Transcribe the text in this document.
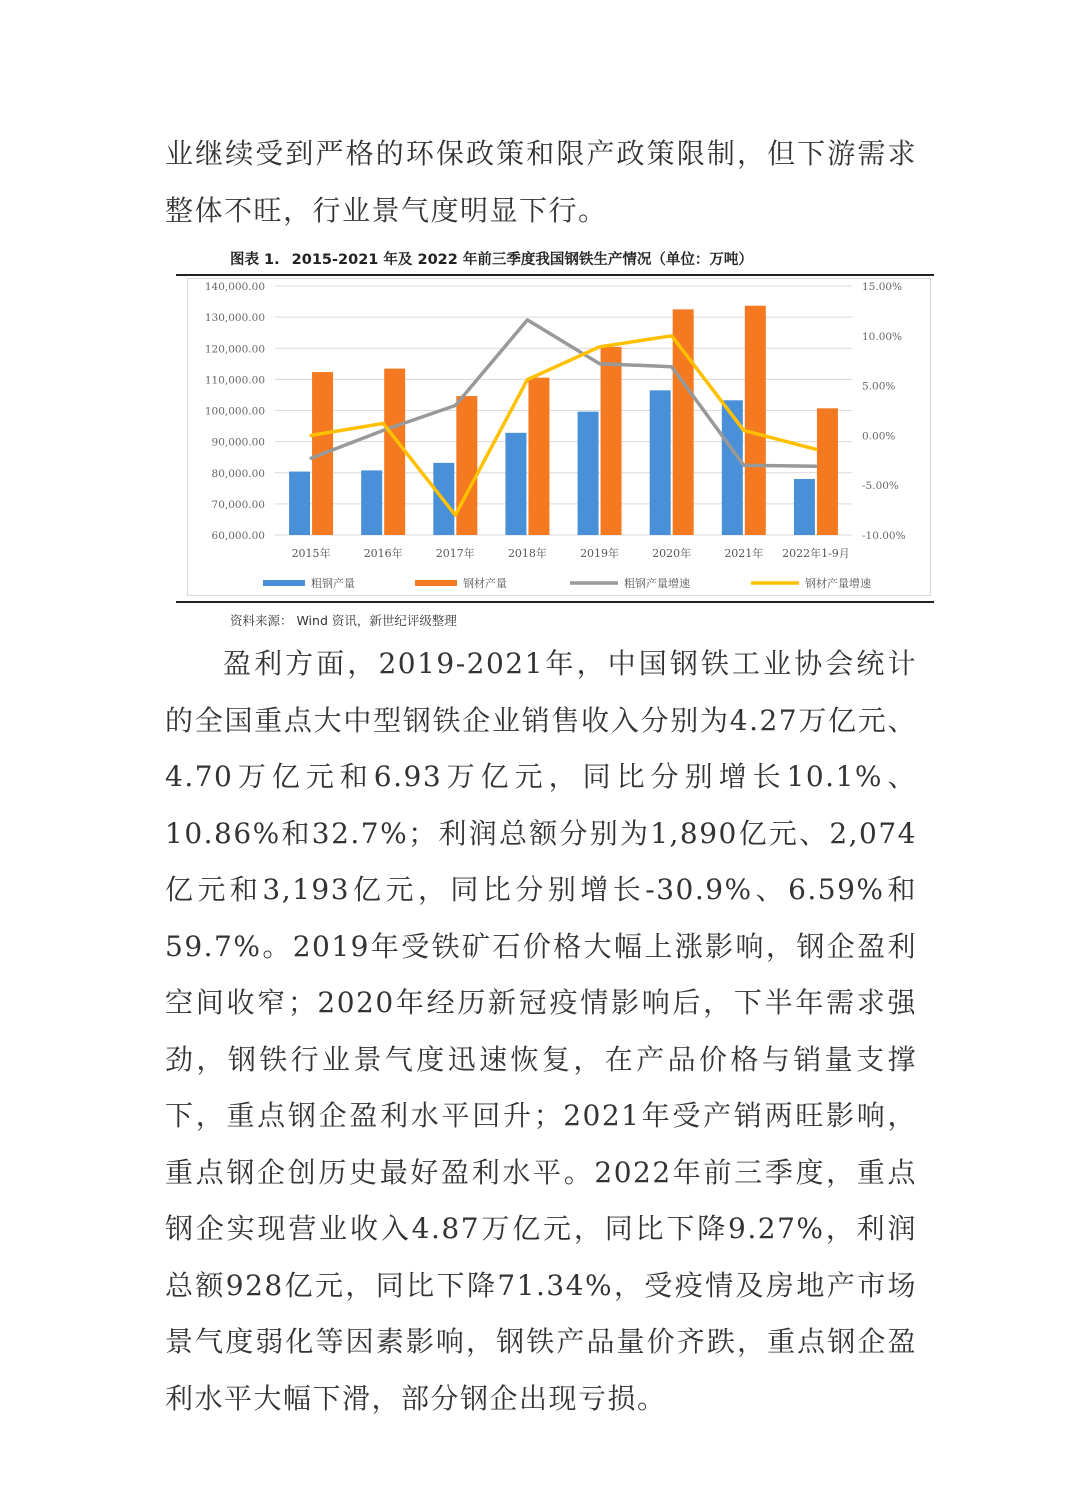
业继续受到严格的环保政策和限产政策限制，但下游需求整体不旺，行业景气度明显下行。

图表 1. 2015-2021 年及 2022 年前三季度我国钢铁生产情况（单位：万吨）
140,000.00
130,000.00
120,000.00
110,000.00
100,000.00
90,000.00
80,000.00
70,000.00
60,000.00
15.00%
10.00%
5.00%
0.00%
-5.00%
-10.00%
2015年	2016年	2017年	2018年	2019年	2020年	2021年 2022年1-9月
粗钢产量	钢材产量	粗钢产量增速	钢材产量增速
资料来源： Wind 资讯，新世纪评级整理

盈利方面，2019-2021年，中国钢铁工业协会统计的全国重点大中型钢铁企业销售收入分别为4.27万亿元、4.70万亿元和6.93万亿元，同比分别增长10.1%、10.86%和32.7%；利润总额分别为1,890亿元、2,074亿元和3,193亿元，同比分别增长-30.9%、6.59%和59.7%。2019年受铁矿石价格大幅上涨影响，钢企盈利空间收窄；2020年经历新冠疫情影响后，下半年需求强劲，钢铁行业景气度迅速恢复，在产品价格与销量支撑下，重点钢企盈利水平回升；2021年受产销两旺影响，重点钢企创历史最好盈利水平。2022年前三季度，重点钢企实现营业收入4.87万亿元，同比下降9.27%，利润总额928亿元，同比下降71.34%，受疫情及房地产市场景气度弱化等因素影响，钢铁产品量价齐跌，重点钢企盈利水平大幅下滑，部分钢企出现亏损。
